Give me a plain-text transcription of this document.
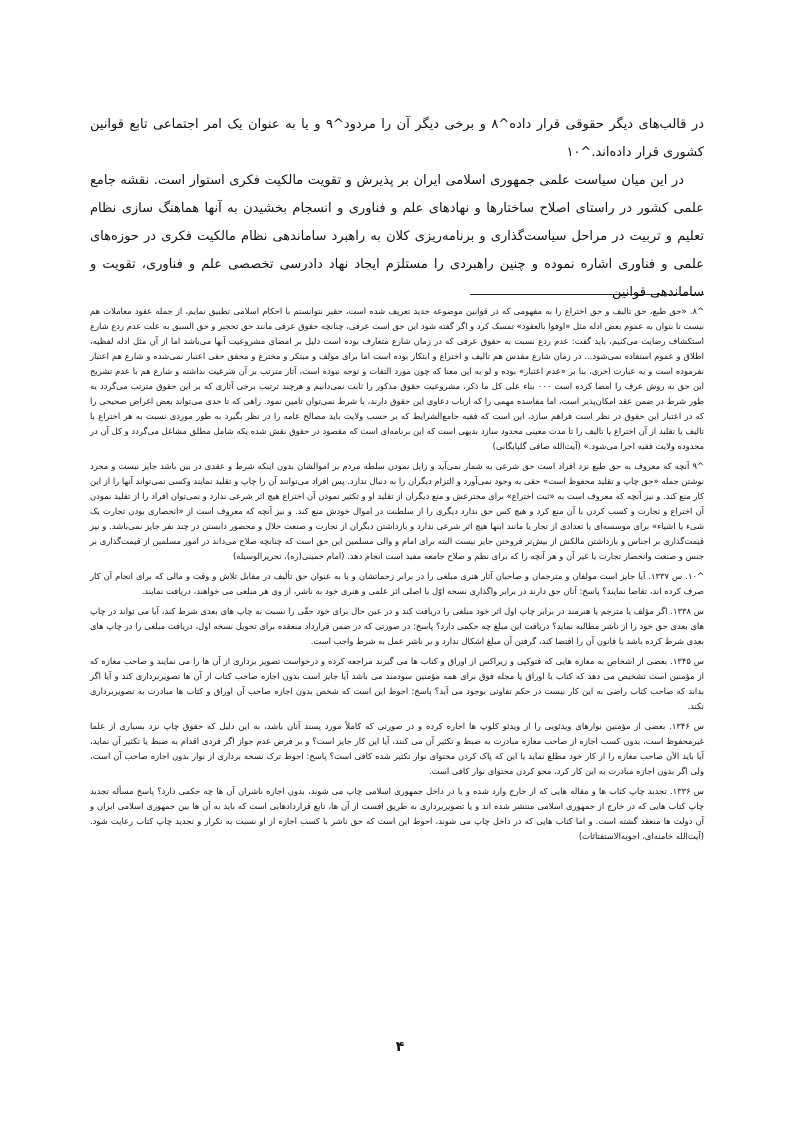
در قالب‌های دیگر حقوقی قرار داده^۸ و برخی دیگر آن را مردود^۹ و یا به عنوان یک امر اجتماعی تابع قوانین کشوری قرار داده‌اند.^۱۰

در این میان سیاست علمی جمهوری اسلامی ایران بر پذیرش و تقویت مالکیت فکری استوار است. نقشه جامع علمی کشور در راستای اصلاح ساختارها و نهادهای علم و فناوری و انسجام بخشیدن به آنها هماهنگ سازی نظام تعلیم و تربیت در مراحل سیاست‌گذاری و برنامه‌ریزی کلان به راهبرد ساماندهی نظام مالکیت فکری در حوزه‌های علمی و فناوری اشاره نموده و چنین راهبردی را مستلزم ایجاد نهاد دادرسی تخصصی علم و فناوری، تقویت و ساماندهی قوانین

^۸. «حق طبع، حق تالیف و حق اختراع را به مفهومی که در قوانین موضوعه جدید تعریف شده است، حقیر نتوانستم با احکام اسلامی تطبیق نمایم، از جمله عقود معاملات هم نیست تا بتوان به عموم بعض ادله مثل «اوفوا بالعقود» تمسک کرد و اگر گفته شود این حق است عرفی، چنانچه حقوق عرفی مانند حق تحجیر و حق السبق به علت عدم ردع شارع استکشاف رضایت می‌کنیم، باید گفت: عدم ردع نسبت به حقوق عرفی که در زمان شارع متعارف بوده است دلیل بر امضای مشروعیت آنها می‌باشد اما از آن مثل ادله لفظیه، اطلاق و عموم استفاده نمی‌شود... در زمان شارع مقدس هم تالیف و اختراع و ابتکار بوده است اما برای مولف و مبتکر و مخترع و محقق حقی اعتبار نمی‌شده و شارع هم اعتبار نفرموده است و به عبارت اخری، بنا بر «عدم اعتبار» بوده و لو به این معنا که چون مورد التفات و توجه نبوده است، آثار مترتب بر آن شرعیت نداشته و شارع هم با عدم تشریح این حق به روش عرف را امضا کرده است ۰۰۰ بناء علی کل ما ذکر، مشروعیت حقوق مذکور را ثابت نمی‌دانیم و هرچند ترتیب برخی آثاری که بر این حقوق مترتب می‌گردد به طور شرط در ضمن عقد امکان‌پذیر است، اما مفاسده مهمی را که ارباب دعاوی این حقوق دارند، با شرط نمی‌توان تامین نمود. راهی که تا حدی می‌تواند بعض اغراض صحیحی را که در اعتبار این حقوق در نظر است فراهم سازد، این است که فقیه جامع‌الشرایط که بر حسب ولایت باید مصالح عامه را در نظر بگیرد به طور موردی نسبت به هر اختراع یا تالیف یا تقلید از آن اختراع یا تالیف را تا مدت معینی محدود سازد بدیهی است که این برنامه‌ای است که مقصود در حقوق نقش شده یکه شامل مطلق مشاغل می‌گردد و کل آن در محدوده ولایت فقیه اجرا می‌شود.» (آیت‌الله صافی گلپایگانی)

^۹ آنچه که معروف به حق طبع نزد افراد است حق شرعی به شمار نمی‌آید و زایل نمودن سلطه مردم بر اموالشان بدون اینکه شرط و عقدی در بین باشد جایز نیست و مجرد نوشتن جمله «حق چاپ و تقلید محفوظ است» حقی به وجود نمی‌آورد و التزام دیگران را به دنبال ندارد. پس افراد می‌توانند آن را چاپ و تقلید نمایند وکسی نمی‌تواند آنها را از این کار منع کند. و نیز آنچه که معروف است به «ثبت اختراع» برای مخترعش و منع دیگران از تقلید او و تکثیر نمودن آن اختراع هیچ اثر شرعی ندارد و نمی‌توان افراد را از تقلید نمودن آن اختراع و تجارت و کسب کردن با آن منع کرد و هیچ کس حق ندارد دیگری را از سلطنت در اموال خودش منع کند. و نیز آنچه که معروف است از «انحصاری بودن تجارت یک شیء یا اشیاء» برای موسسه‌ای یا تعدادی از تجار یا مانند اینها هیچ اثر شرعی ندارد و بازداشتن دیگران از تجارت و صنعت حلال و محصور دانستن در چند نفر جایز نمی‌باشد. و نیز قیمت‌گذاری بر اجناس و بازداشتن مالکش از بیش‌تر فروختن جایز نیست البته برای امام و والی مسلمین این حق است که چنانچه صلاح می‌داند در امور مسلمین از قیمت‌گذاری بر جنس و صنعت وانحصار تجارت یا غیر آن و هر آنچه را که برای نظم و صلاح جامعه مفید است انجام دهد. (امام خمینی(ره)، تحریرالوسیله)

^۱۰. س ۱۳۳۷. آیا جایز است مولفان و مترجمان و صاحبان آثار هنری مبلغی را در برابر زحماتشان و یا به عنوان حق تألیف در مقابل تلاش و وقت و مالی که برای انجام آن کار صرف کرده اند، تقاضا نمایند؟ پاسخ: آنان حق دارند در برابر واگذاری نسخه اوّل یا اصلی اثر علمی و هنری خود به ناشر، از وی هر مبلغی می خواهند، دریافت نمایند.

س ۱۳۳۸. اگر مؤلف یا مترجم یا هنرمند در برابر چاپ اول اثر خود مبلغی را دریافت کند و در عین حال برای خود حقّی را نسبت به چاپ های بعدی شرط کند، آیا می تواند در چاپ های بعدی حق خود را از ناشر مطالبه نماید؟ دریافت این مبلغ چه حکمی دارد؟ پاسخ: در صورتی که در ضمن قرارداد منعقده برای تحویل نسخه اول، دریافت مبلغی را در چاپ های بعدی شرط کرده باشد یا قانون آن را اقتضا کند، گرفتن آن مبلغ اشکال ندارد و بر ناشر عمل به شرط واجب است.

س ۱۳۴۵. بعضی از اشخاص به مغازه هایی که فتوکپی و زیراکس از اوراق و کتاب ها می گیرند مراجعه کرده و درخواست تصویر برداری از آن ها را می نمایند و صاحب مغازه که از مؤمنین است تشخیص می دهد که کتاب یا اوراق یا مجله فوق برای همه مؤمنین سودمند می باشد آیا جایز است بدون اجازه صاحب کتاب از آن ها تصویربرداری کند و آیا اگر بداند که صاحب کتاب راضی به این کار نیست در حکم تفاوتی بوجود می آید؟ پاسخ: احوط این است که شخص بدون اجازه صاحب آن اوراق و کتاب ها مبادرت به تصویربرداری نکند.

س ۱۳۴۶. بعضی از مؤمنین نوارهای ویدئویی را از ویدئو کلوپ ها اجاره کرده و در صورتی که کاملاً مورد پسند آنان باشد، به این دلیل که حقوق چاپ نزد بسیاری از علما غیرمحفوظ است، بدون کسب اجازه از صاحب مغازه مبادرت به ضبط و تکثیر آن می کنند، آیا این کار جایز است؟ و بر فرض عدم جواز اگر فردی اقدام به ضبط یا تکثیر آن نماید، آیا باید الآن صاحب مغازه را از کار خود مطلع نماید یا این که پاک کردن محتوای نوار تکثیر شده کافی است؟ پاسخ: احوط ترک نسخه برداری از نوار بدون اجازه صاحب آن است، ولی اگر بدون اجازه مبادرت به این کار کرد، محو کردن محتوای نوار کافی است.

س ۱۳۳۶. تجدید چاپ کتاب ها و مقاله هایی که از خارج وارد شده و یا در داخل جمهوری اسلامی چاپ می شوند، بدون اجازه ناشران آن ها چه حکمی دارد؟ پاسخ مسأله تجدید چاپ کتاب هایی که در خارج از جمهوری اسلامی منتشر شده اند و یا تصویربرداری به طریق افست از آن ها، تابع قراردادهایی است که باید به آن ها بین جمهوری اسلامی ایران و آن دولت ها منعقد گشته است. و اما کتاب هایی که در داخل چاپ می شوند، احوط این است که حق ناشر با کسب اجازه از او نسبت به تکرار و تجدید چاپ کتاب رعایت شود. (آیت‌الله خامنه‌ای، اجوبه‌الاستفتائات)

۴
